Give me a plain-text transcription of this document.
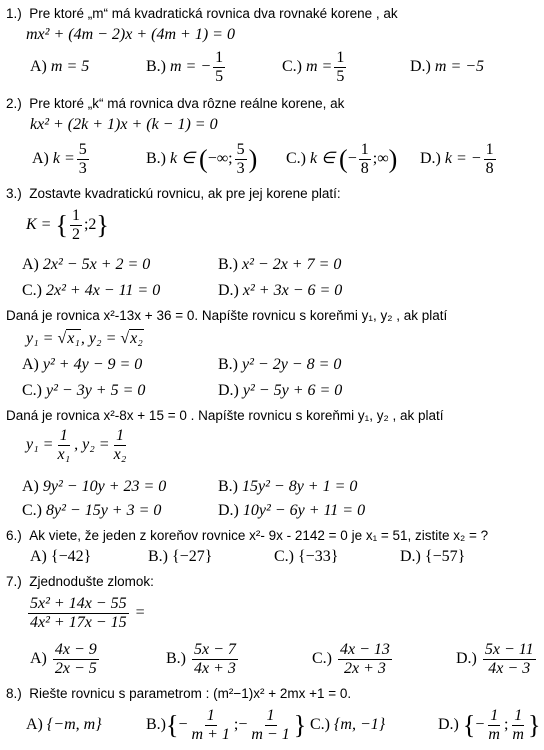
1.) Pre ktoré „m“ má kvadratická rovnica dva rovnaké korene , ak
mx² + (4m − 2)x + (4m + 1) = 0
A) m = 5	B.) m = − $\frac{1}{5}$	C.) $m = \frac{1}{5}$	D.) m = −5
2.) Pre ktoré „k“ má rovnica dva rôzne reálne korene, ak
kx² + (2k + 1)x + (k − 1) = 0
A) $k = \frac{5}{3}$	B.) k ∈ (−∞; $\frac{5}{3}$ ) C.) k ∈ (− $\frac{1}{8}$ ;∞) D.) k = − $\frac{1}{8}$
3.) Zostavte kvadratickú rovnicu, ak pre jej korene platí:
K = { $\frac{1}{2}$ ;2}
A) 2x² − 5x + 2 = 0	B.) x² − 2x + 7 = 0
C.) 2x² + 4x − 11 = 0	D.) x² + 3x − 6 = 0
Daná je rovnica x²-13x + 36 = 0. Napíšte rovnicu s koreňmi y₁, y₂ , ak platí
y₁ = √x₁, y₂ = √x₂
A) y² + 4y − 9 = 0	B.) y² − 2y − 8 = 0
C.) y² − 3y + 5 = 0	D.) y² − 5y + 6 = 0
Daná je rovnica x²-8x + 15 = 0 . Napíšte rovnicu s koreňmi y₁, y₂ , ak platí
$y_1 = \frac{1}{\text{x₁}}$ , $y_2 = \frac{1}{\text{x₂}}$
A) 9y² − 10y + 23 = 0	B.) 15y² − 8y + 1 = 0
C.) 8y² − 15y + 3 = 0	D.) 10y² − 6y + 11 = 0
6.) Ak viete, že jeden z koreňov rovnice x²- 9x - 2142 = 0 je x₁ = 51, zistite x₂ = ?
A) {−42}	B.) {−27}	C.) {−33}	D.) {−57}
7.) Zjednodušte zlomok:
$\frac{\text{5x² + 14x − 55}}{\text{4x² + 17x − 15}}$ =
$A) \frac{4x - 9}{2x - 5}$	$B.) \frac{5x - 7}{4x + 3}$	$C.) \frac{4x - 13}{2x + 3}$	$D.) \frac{5x - 11}{4x - 3}$
8.) Riešte rovnicu s parametrom : (m²−1)x² + 2mx +1 = 0.
A) {−m, m}	$B.)\{- \frac{1}{m + 1}$ ;− $\frac{1}{m - 1}$ } C.) {m, −1}	D.) {− $\frac{1}{m}$ ; $\frac{1}{m}$ }
